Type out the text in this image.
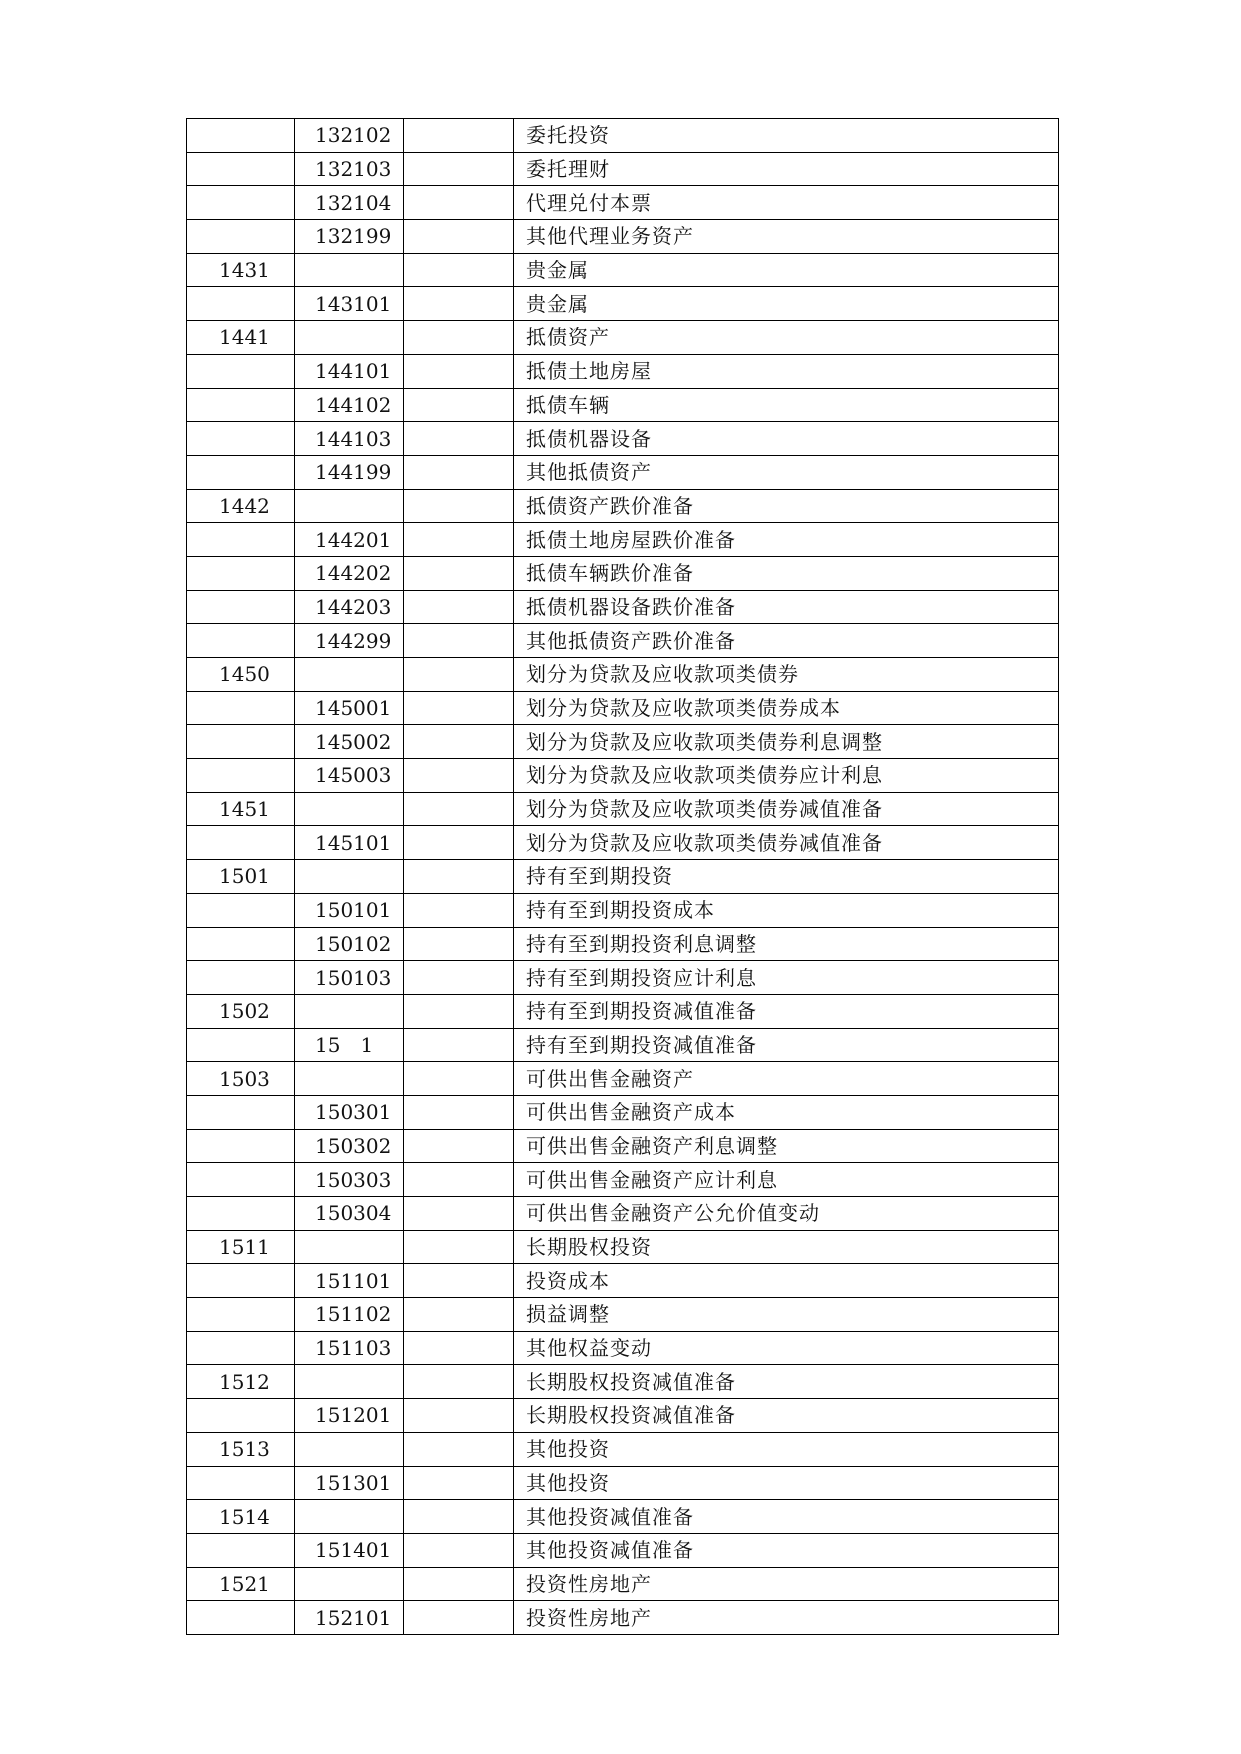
	132102		委托投资
	132103		委托理财
	132104		代理兑付本票
	132199		其他代理业务资产
1431			贵金属
	143101		贵金属
1441			抵债资产
	144101		抵债土地房屋
	144102		抵债车辆
	144103		抵债机器设备
	144199		其他抵债资产
1442			抵债资产跌价准备
	144201		抵债土地房屋跌价准备
	144202		抵债车辆跌价准备
	144203		抵债机器设备跌价准备
	144299		其他抵债资产跌价准备
1450			划分为贷款及应收款项类债券
	145001		划分为贷款及应收款项类债券成本
	145002		划分为贷款及应收款项类债券利息调整
	145003		划分为贷款及应收款项类债券应计利息
1451			划分为贷款及应收款项类债券减值准备
	145101		划分为贷款及应收款项类债券减值准备
1501			持有至到期投资
	150101		持有至到期投资成本
	150102		持有至到期投资利息调整
	150103		持有至到期投资应计利息
1502			持有至到期投资减值准备
	15　1		持有至到期投资减值准备
1503			可供出售金融资产
	150301		可供出售金融资产成本
	150302		可供出售金融资产利息调整
	150303		可供出售金融资产应计利息
	150304		可供出售金融资产公允价值变动
1511			长期股权投资
	151101		投资成本
	151102		损益调整
	151103		其他权益变动
1512			长期股权投资减值准备
	151201		长期股权投资减值准备
1513			其他投资
	151301		其他投资
1514			其他投资减值准备
	151401		其他投资减值准备
1521			投资性房地产
	152101		投资性房地产
